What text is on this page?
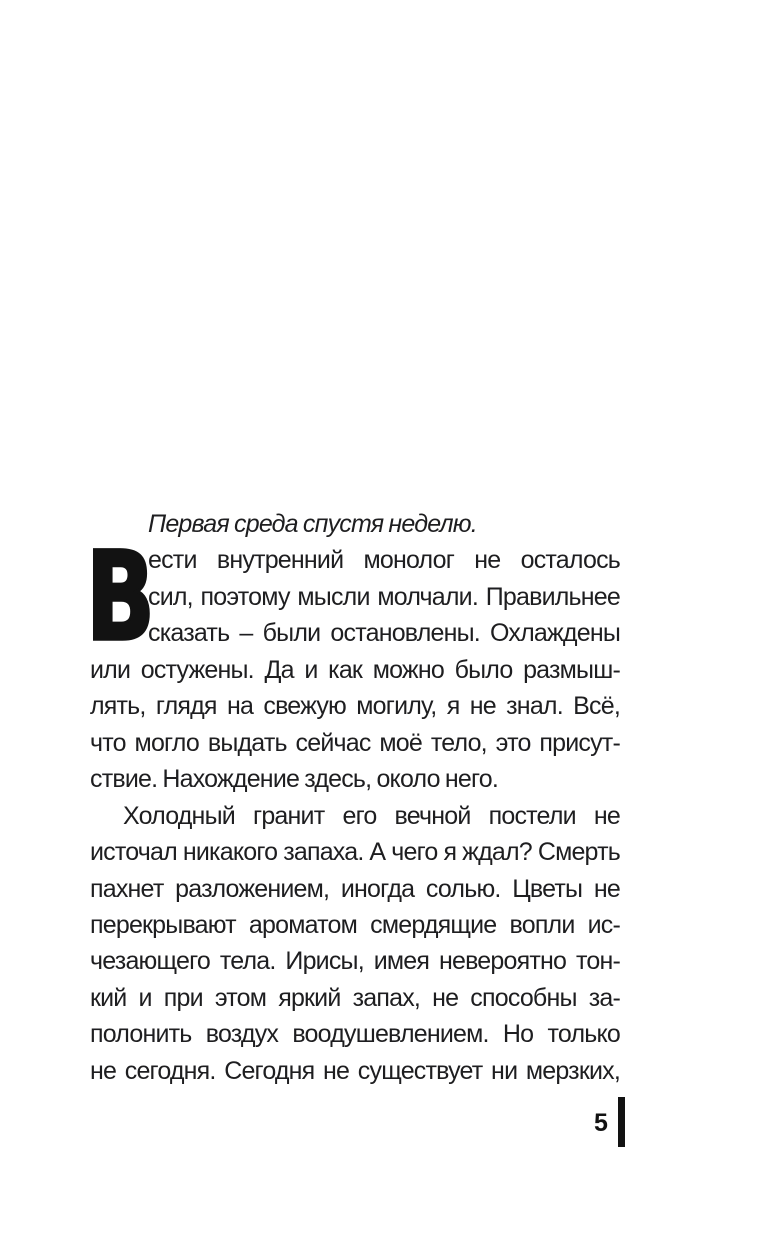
Первая среда спустя неделю.
ести внутренний монолог не осталось
сил, поэтому мысли молчали. Правильнее
сказать – были остановлены. Охлаждены
или остужены. Да и как можно было размыш-
лять, глядя на свежую могилу, я не знал. Всё,
что могло выдать сейчас моё тело, это присут-
ствие. Нахождение здесь, около него.
Холодный гранит его вечной постели не
источал никакого запаха. А чего я ждал? Смерть
пахнет разложением, иногда солью. Цветы не
перекрывают ароматом смердящие вопли ис-
чезающего тела. Ирисы, имея невероятно тон-
кий и при этом яркий запах, не способны за-
полонить воздух воодушевлением. Но только
не сегодня. Сегодня не существует ни мерзких,
В
5
